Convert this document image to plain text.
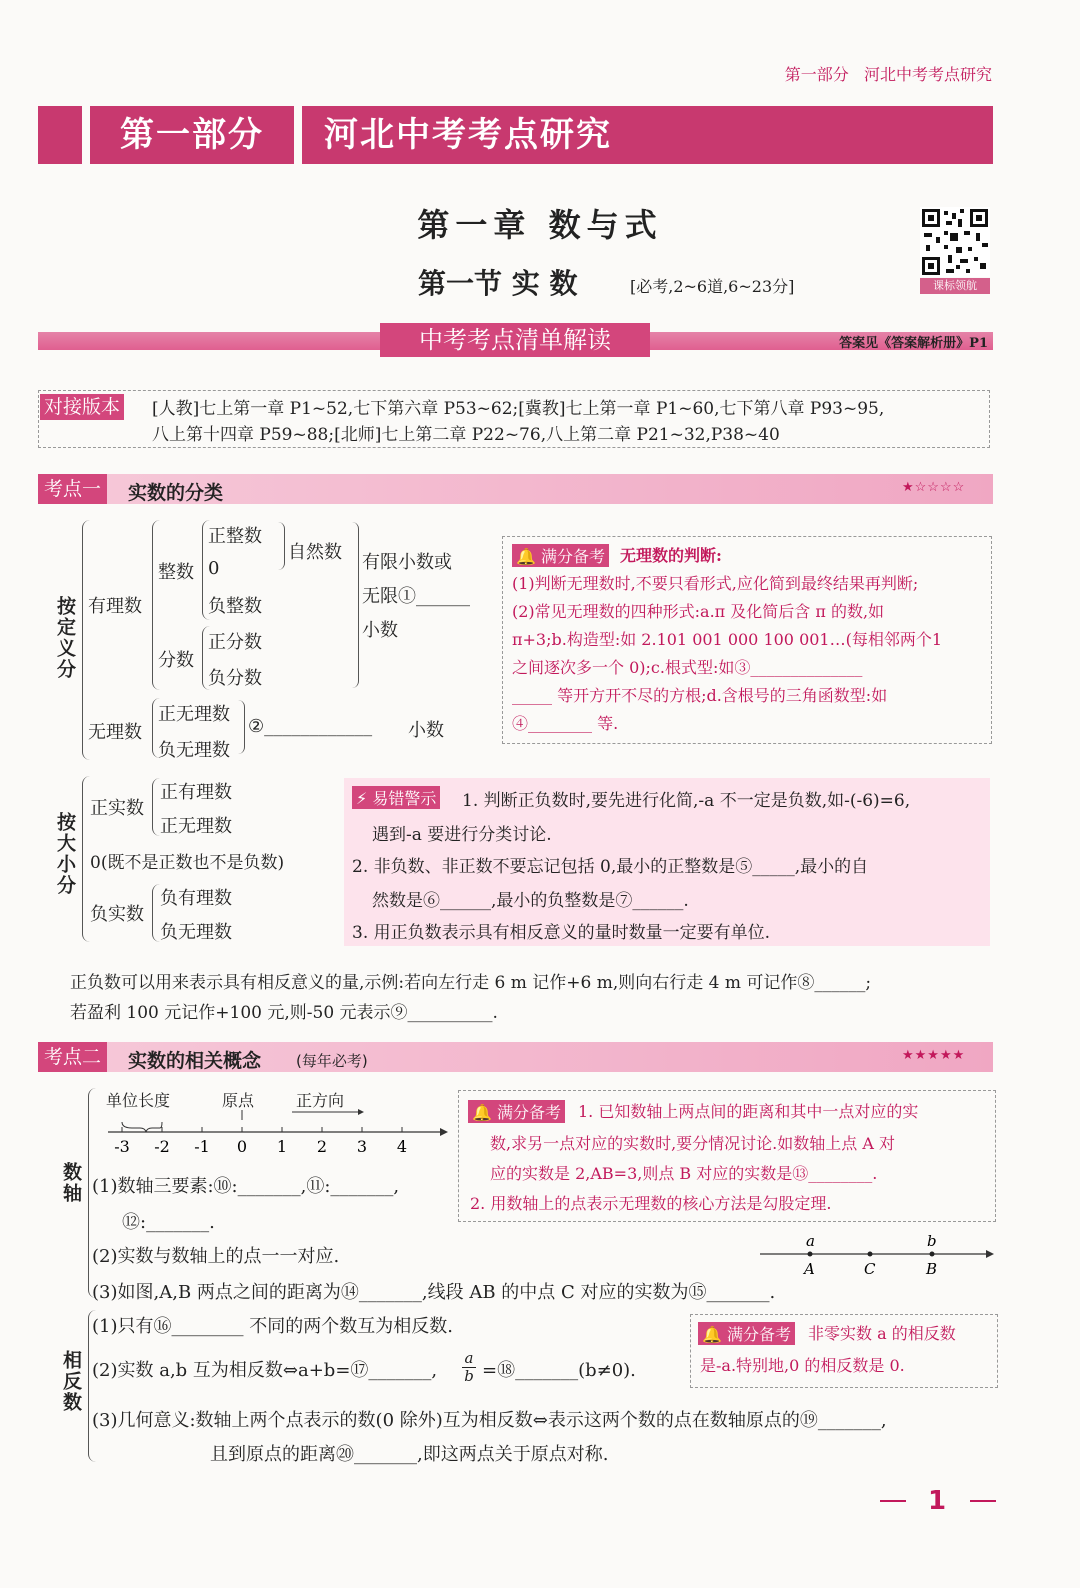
第一部分 河北中考考点研究
第一部分	河北中考考点研究
第一章 数与式
第一节 实 数	[必考,2~6道,6~23分]	课标领航
中考考点清单解读	答案见《答案解析册》P1
对接版本 [人教]七上第一章 P1~52,七下第六章 P53~62;[冀教]七上第一章 P1~60,七下第八章 P93~95,
八上第十四章 P59~88;[北师]七上第二章 P22~76,八上第二章 P21~32,P38~40
考点一	实数的分类	★☆☆☆☆
按定义分 有理数
整数
正整数
0
负整数
自然数
分数
正分数
负分数
有限小数或
无限①______
小数
无理数
正无理数
负无理数
②____________ 小数
🔔 满分备考 无理数的判断:
(1)判断无理数时,不要只看形式,应化简到最终结果再判断;
(2)常见无理数的四种形式:a.π 及化简后含 π 的数,如
π+3;b.构造型:如 2.101 001 000 100 001…(每相邻两个1
之间逐次多一个 0);c.根式型:如③______________
_____ 等开方开不尽的方根;d.含根号的三角函数型:如
④________ 等.
按大小分
正实数
正有理数
正无理数
0(既不是正数也不是负数)
负实数
负有理数
负无理数
⚡ 易错警示 1. 判断正负数时,要先进行化简,-a 不一定是负数,如-(-6)=6,
遇到-a 要进行分类讨论.
2. 非负数、非正数不要忘记包括 0,最小的正整数是⑤_____,最小的自
然数是⑥______,最小的负整数是⑦______.
3. 用正负数表示具有相反意义的量时数量一定要有单位.
正负数可以用来表示具有相反意义的量,示例:若向左行走 6 m 记作+6 m,则向右行走 4 m 可记作⑧______;
若盈利 100 元记作+100 元,则-50 元表示⑨__________.
考点二	实数的相关概念 (每年必考)	★★★★★
数轴
单位长度	原点	正方向
-3 -2 -1 0 1 2 3 4
(1)数轴三要素:⑩:_______,⑪:_______,
⑫:_______.
(2)实数与数轴上的点一一对应.
(3)如图,A,B 两点之间的距离为⑭_______,线段 AB 的中点 C 对应的实数为⑮_______.
a	b
A	C	B
🔔 满分备考 1. 已知数轴上两点间的距离和其中一点对应的实
数,求另一点对应的实数时,要分情况讨论.如数轴上点 A 对
应的实数是 2,AB=3,则点 B 对应的实数是⑬________.
2. 用数轴上的点表示无理数的核心方法是勾股定理.
相反数
(1)只有⑯________ 不同的两个数互为相反数.
(2)实数 a,b 互为相反数⇔a+b=⑰_______, $\frac{a}{b}$ =⑱_______(b≠0).
(3)几何意义:数轴上两个点表示的数(0 除外)互为相反数⇔表示这两个数的点在数轴原点的⑲_______,
且到原点的距离⑳_______,即这两点关于原点对称.
🔔 满分备考 非零实数 a 的相反数
是-a.特别地,0 的相反数是 0.
1
